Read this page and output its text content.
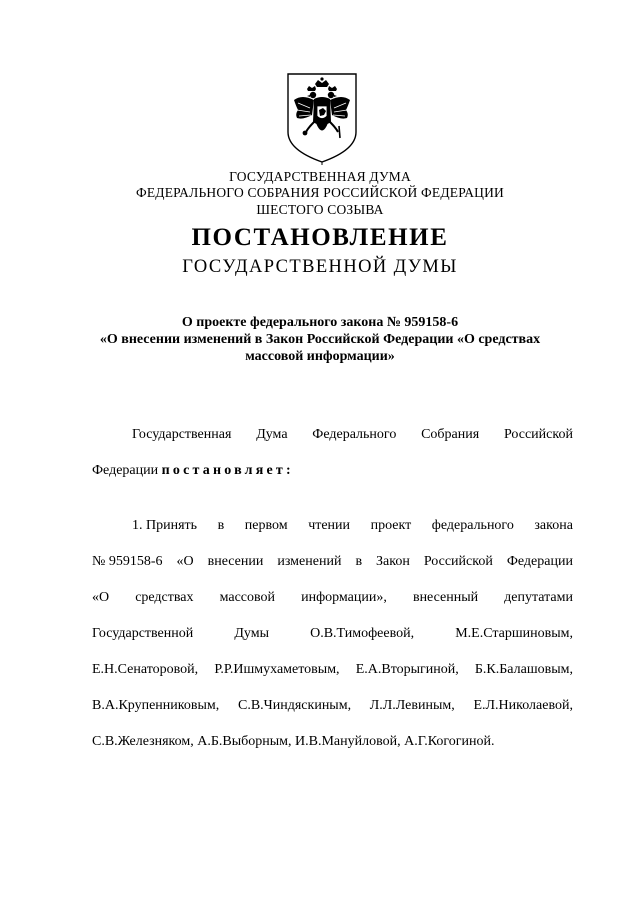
ГОСУДАРСТВЕННАЯ ДУМА
ФЕДЕРАЛЬНОГО СОБРАНИЯ РОССИЙСКОЙ ФЕДЕРАЦИИ
ШЕСТОГО СОЗЫВА
ПОСТАНОВЛЕНИЕ
ГОСУДАРСТВЕННОЙ ДУМЫ
О проекте федерального закона № 959158-6
«О внесении изменений в Закон Российской Федерации «О средствах
массовой информации»
Государственная Дума Федерального Собрания Российской
Федерации постановляет:
1. Принять в первом чтении проект федерального закона
№ 959158-6 «О внесении изменений в Закон Российской Федерации
«О средствах массовой информации», внесенный депутатами
Государственной	Думы	О.В.Тимофеевой,	М.Е.Старшиновым,
Е.Н.Сенаторовой, Р.Р.Ишмухаметовым, Е.А.Вторыгиной, Б.К.Балашовым,
В.А.Крупенниковым, С.В.Чиндяскиным, Л.Л.Левиным, Е.Л.Николаевой,
С.В.Железняком, А.Б.Выборным, И.В.Мануйловой, А.Г.Когогиной.
